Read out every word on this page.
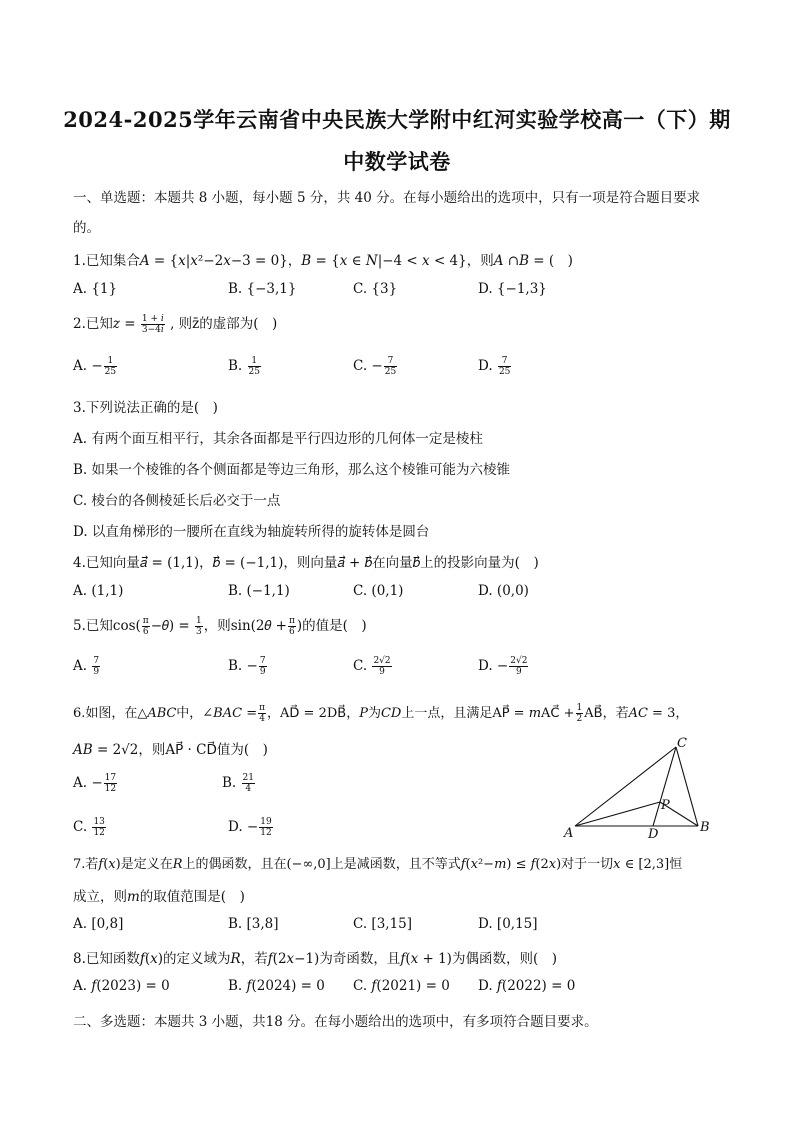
2024-2025学年云南省中央民族大学附中红河实验学校高一（下）期
中数学试卷
一、单选题：本题共 8 小题，每小题 5 分，共 40 分。在每小题给出的选项中，只有一项是符合题目要求
的。
1.已知集合𝐴 = {𝑥|𝑥²−2𝑥−3 = 0}，𝐵 = {𝑥 ∈ 𝑁|−4 < 𝑥 < 4}，则𝐴 ∩𝐵 = (　)
A. {1}	B. {−3,1}	C. {3}	D. {−1,3}
2.已知𝑧 = $\frac{\text{1 + 𝑖}}{\text{3−4𝑖}}$ , 则z̄的虚部为(　)
A. − $\frac{1}{25}$	B. $\frac{1}{25}$	C. − $\frac{7}{25}$	D. $\frac{7}{25}$
3.下列说法正确的是(　)
A. 有两个面互相平行，其余各面都是平行四边形的几何体一定是棱柱
B. 如果一个棱锥的各个侧面都是等边三角形，那么这个棱锥可能为六棱锥
C. 棱台的各侧棱延长后必交于一点
D. 以直角梯形的一腰所在直线为轴旋转所得的旋转体是圆台
4.已知向量𝑎⃗ = (1,1)，𝑏⃗ = (−1,1)，则向量𝑎⃗ + 𝑏⃗在向量𝑏⃗上的投影向量为(　)
A. (1,1)	B. (−1,1)	C. (0,1)	D. (0,0)
5.已知$\cos( \frac{\pi}{6}$ −𝜃) = $\frac{1}{3}$ ，则sin(2𝜃 + $\frac{\pi}{6}$ )的值是(　)
A. $\frac{7}{9}$	B. − $\frac{7}{9}$	C. $\frac{2√2}{9}$	D. − $\frac{2√2}{9}$
6.如图，在△𝐴𝐵𝐶中，∠𝐵𝐴𝐶 = $\frac{\pi}{4}$ ，AD⃗ = 2DB⃗，𝑃为𝐶𝐷上一点，且满足AP⃗ = 𝑚AC⃗ + $\frac{1}{2}$ AB⃗，若𝐴𝐶 = 3，
𝐴𝐵 = 2√2，则AP⃗ · CD⃗值为(　)
A. − $\frac{17}{12}$	B. $\frac{21}{4}$
C. $\frac{13}{12}$	D. − $\frac{19}{12}$
C
A	D	B
P
7.若𝑓(𝑥)是定义在𝑅上的偶函数，且在(−∞,0]上是减函数，且不等式𝑓(𝑥²−𝑚) ≤ 𝑓(2𝑥)对于一切𝑥 ∈ [2,3]恒
成立，则𝑚的取值范围是(　)
A. [0,8]	B. [3,8]	C. [3,15]	D. [0,15]
8.已知函数𝑓(𝑥)的定义域为𝑅，若𝑓(2𝑥−1)为奇函数，且𝑓(𝑥 + 1)为偶函数，则(　)
A. 𝑓(2023) = 0	B. 𝑓(2024) = 0 C. 𝑓(2021) = 0 D. 𝑓(2022) = 0
二、多选题：本题共 3 小题，共18 分。在每小题给出的选项中，有多项符合题目要求。
